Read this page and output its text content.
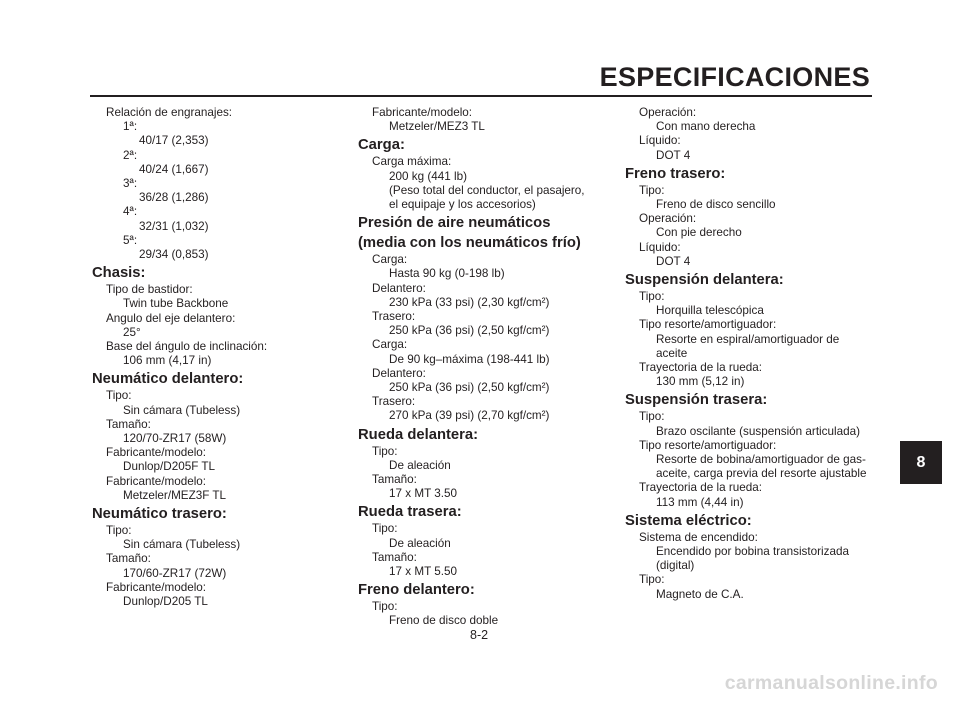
ESPECIFICACIONES
Relación de engranajes:
1ª:
40/17 (2,353)
2ª:
40/24 (1,667)
3ª:
36/28 (1,286)
4ª:
32/31 (1,032)
5ª:
29/34 (0,853)
Chasis:
Tipo de bastidor:
Twin tube Backbone
Angulo del eje delantero:
25°
Base del ángulo de inclinación:
106 mm (4,17 in)
Neumático delantero:
Tipo:
Sin cámara (Tubeless)
Tamaño:
120/70-ZR17 (58W)
Fabricante/modelo:
Dunlop/D205F TL
Fabricante/modelo:
Metzeler/MEZ3F TL
Neumático trasero:
Tipo:
Sin cámara (Tubeless)
Tamaño:
170/60-ZR17 (72W)
Fabricante/modelo:
Dunlop/D205 TL
Fabricante/modelo:
Metzeler/MEZ3 TL
Carga:
Carga máxima:
200 kg (441 lb)
(Peso total del conductor, el pasajero,
el equipaje y los accesorios)
Presión de aire neumáticos
(media con los neumáticos frío)
Carga:
Hasta 90 kg (0-198 lb)
Delantero:
230 kPa (33 psi) (2,30 kgf/cm²)
Trasero:
250 kPa (36 psi) (2,50 kgf/cm²)
Carga:
De 90 kg–máxima (198-441 lb)
Delantero:
250 kPa (36 psi) (2,50 kgf/cm²)
Trasero:
270 kPa (39 psi) (2,70 kgf/cm²)
Rueda delantera:
Tipo:
De aleación
Tamaño:
17 x MT 3.50
Rueda trasera:
Tipo:
De aleación
Tamaño:
17 x MT 5.50
Freno delantero:
Tipo:
Freno de disco doble
Operación:
Con mano derecha
Líquido:
DOT 4
Freno trasero:
Tipo:
Freno de disco sencillo
Operación:
Con pie derecho
Líquido:
DOT 4
Suspensión delantera:
Tipo:
Horquilla telescópica
Tipo resorte/amortiguador:
Resorte en espiral/amortiguador de
aceite
Trayectoria de la rueda:
130 mm (5,12 in)
Suspensión trasera:
Tipo:
Brazo oscilante (suspensión articulada)
Tipo resorte/amortiguador:
Resorte de bobina/amortiguador de gas-
aceite, carga previa del resorte ajustable
Trayectoria de la rueda:
113 mm (4,44 in)
Sistema eléctrico:
Sistema de encendido:
Encendido por bobina transistorizada
(digital)
Tipo:
Magneto de C.A.
8
8-2
carmanualsonline.info
